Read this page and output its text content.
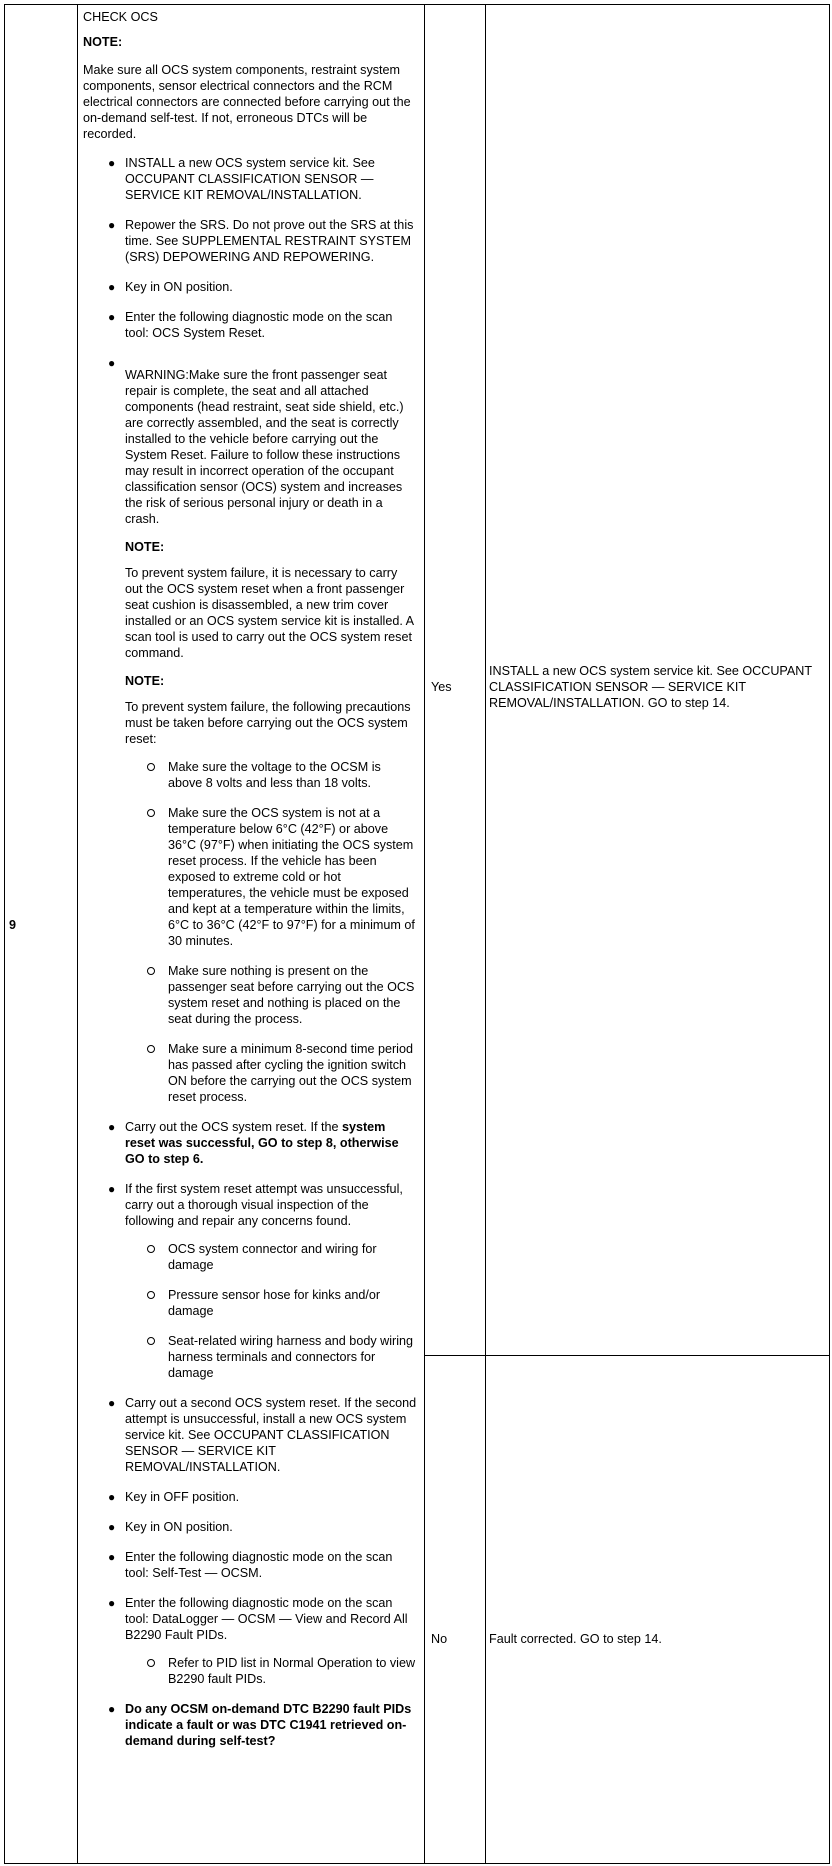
9

CHECK OCS

NOTE:

Make sure all OCS system components, restraint system components, sensor electrical connectors and the RCM electrical connectors are connected before carrying out the on-demand self-test. If not, erroneous DTCs will be recorded.

● INSTALL a new OCS system service kit. See OCCUPANT CLASSIFICATION SENSOR — SERVICE KIT REMOVAL/INSTALLATION.
● Repower the SRS. Do not prove out the SRS at this time. See SUPPLEMENTAL RESTRAINT SYSTEM (SRS) DEPOWERING AND REPOWERING.
● Key in ON position.
● Enter the following diagnostic mode on the scan tool: OCS System Reset.
●

WARNING:Make sure the front passenger seat repair is complete, the seat and all attached components (head restraint, seat side shield, etc.) are correctly assembled, and the seat is correctly installed to the vehicle before carrying out the System Reset. Failure to follow these instructions may result in incorrect operation of the occupant classification sensor (OCS) system and increases the risk of serious personal injury or death in a crash.

NOTE:

To prevent system failure, it is necessary to carry out the OCS system reset when a front passenger seat cushion is disassembled, a new trim cover installed or an OCS system service kit is installed. A scan tool is used to carry out the OCS system reset command.

NOTE:

To prevent system failure, the following precautions must be taken before carrying out the OCS system reset:

Make sure the voltage to the OCSM is above 8 volts and less than 18 volts.
Make sure the OCS system is not at a temperature below 6°C (42°F) or above 36°C (97°F) when initiating the OCS system reset process. If the vehicle has been exposed to extreme cold or hot temperatures, the vehicle must be exposed and kept at a temperature within the limits, 6°C to 36°C (42°F to 97°F) for a minimum of 30 minutes.
Make sure nothing is present on the passenger seat before carrying out the OCS system reset and nothing is placed on the seat during the process.
Make sure a minimum 8-second time period has passed after cycling the ignition switch ON before the carrying out the OCS system reset process.
● Carry out the OCS system reset. If the system reset was successful, GO to step 8, otherwise GO to step 6.
● If the first system reset attempt was unsuccessful, carry out a thorough visual inspection of the following and repair any concerns found.
OCS system connector and wiring for damage
Pressure sensor hose for kinks and/or damage
Seat-related wiring harness and body wiring harness terminals and connectors for damage
● Carry out a second OCS system reset. If the second attempt is unsuccessful, install a new OCS system service kit. See OCCUPANT CLASSIFICATION SENSOR — SERVICE KIT REMOVAL/INSTALLATION.
● Key in OFF position.
● Key in ON position.
● Enter the following diagnostic mode on the scan tool: Self-Test — OCSM.
● Enter the following diagnostic mode on the scan tool: DataLogger — OCSM — View and Record All B2290 Fault PIDs.
Refer to PID list in Normal Operation to view B2290 fault PIDs.
● Do any OCSM on-demand DTC B2290 fault PIDs indicate a fault or was DTC C1941 retrieved on-demand during self-test?
Yes
INSTALL a new OCS system service kit. See OCCUPANT CLASSIFICATION SENSOR — SERVICE KIT REMOVAL/INSTALLATION. GO to step 14.
No	Fault corrected. GO to step 14.
